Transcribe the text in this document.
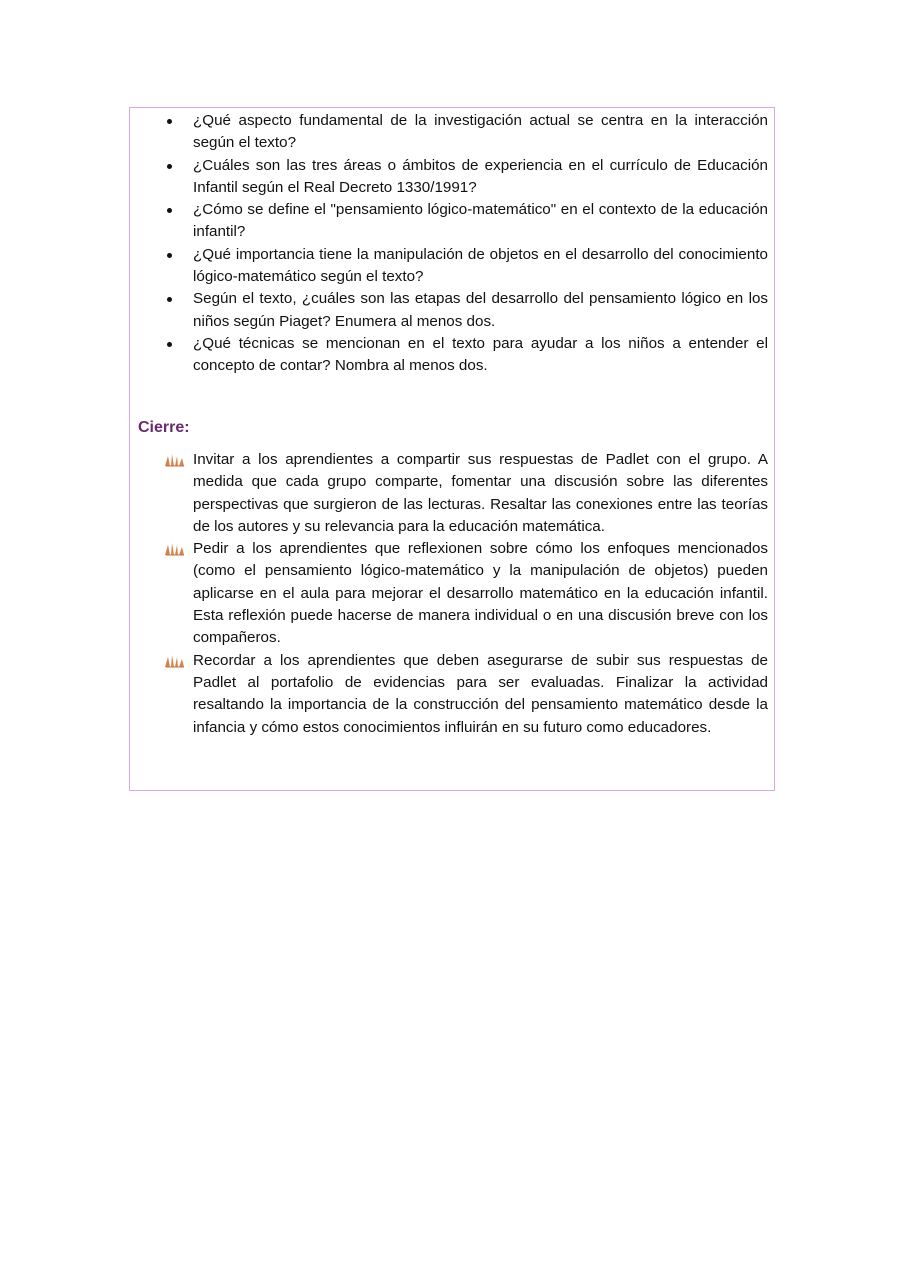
¿Qué aspecto fundamental de la investigación actual se centra en la interacción según el texto?
¿Cuáles son las tres áreas o ámbitos de experiencia en el currículo de Educación Infantil según el Real Decreto 1330/1991?
¿Cómo se define el "pensamiento lógico-matemático" en el contexto de la educación infantil?
¿Qué importancia tiene la manipulación de objetos en el desarrollo del conocimiento lógico-matemático según el texto?
Según el texto, ¿cuáles son las etapas del desarrollo del pensamiento lógico en los niños según Piaget? Enumera al menos dos.
¿Qué técnicas se mencionan en el texto para ayudar a los niños a entender el concepto de contar? Nombra al menos dos.
Cierre:
Invitar a los aprendientes a compartir sus respuestas de Padlet con el grupo. A medida que cada grupo comparte, fomentar una discusión sobre las diferentes perspectivas que surgieron de las lecturas. Resaltar las conexiones entre las teorías de los autores y su relevancia para la educación matemática.
Pedir a los aprendientes que reflexionen sobre cómo los enfoques mencionados (como el pensamiento lógico-matemático y la manipulación de objetos) pueden aplicarse en el aula para mejorar el desarrollo matemático en la educación infantil. Esta reflexión puede hacerse de manera individual o en una discusión breve con los compañeros.
Recordar a los aprendientes que deben asegurarse de subir sus respuestas de Padlet al portafolio de evidencias para ser evaluadas. Finalizar la actividad resaltando la importancia de la construcción del pensamiento matemático desde la infancia y cómo estos conocimientos influirán en su futuro como educadores.
